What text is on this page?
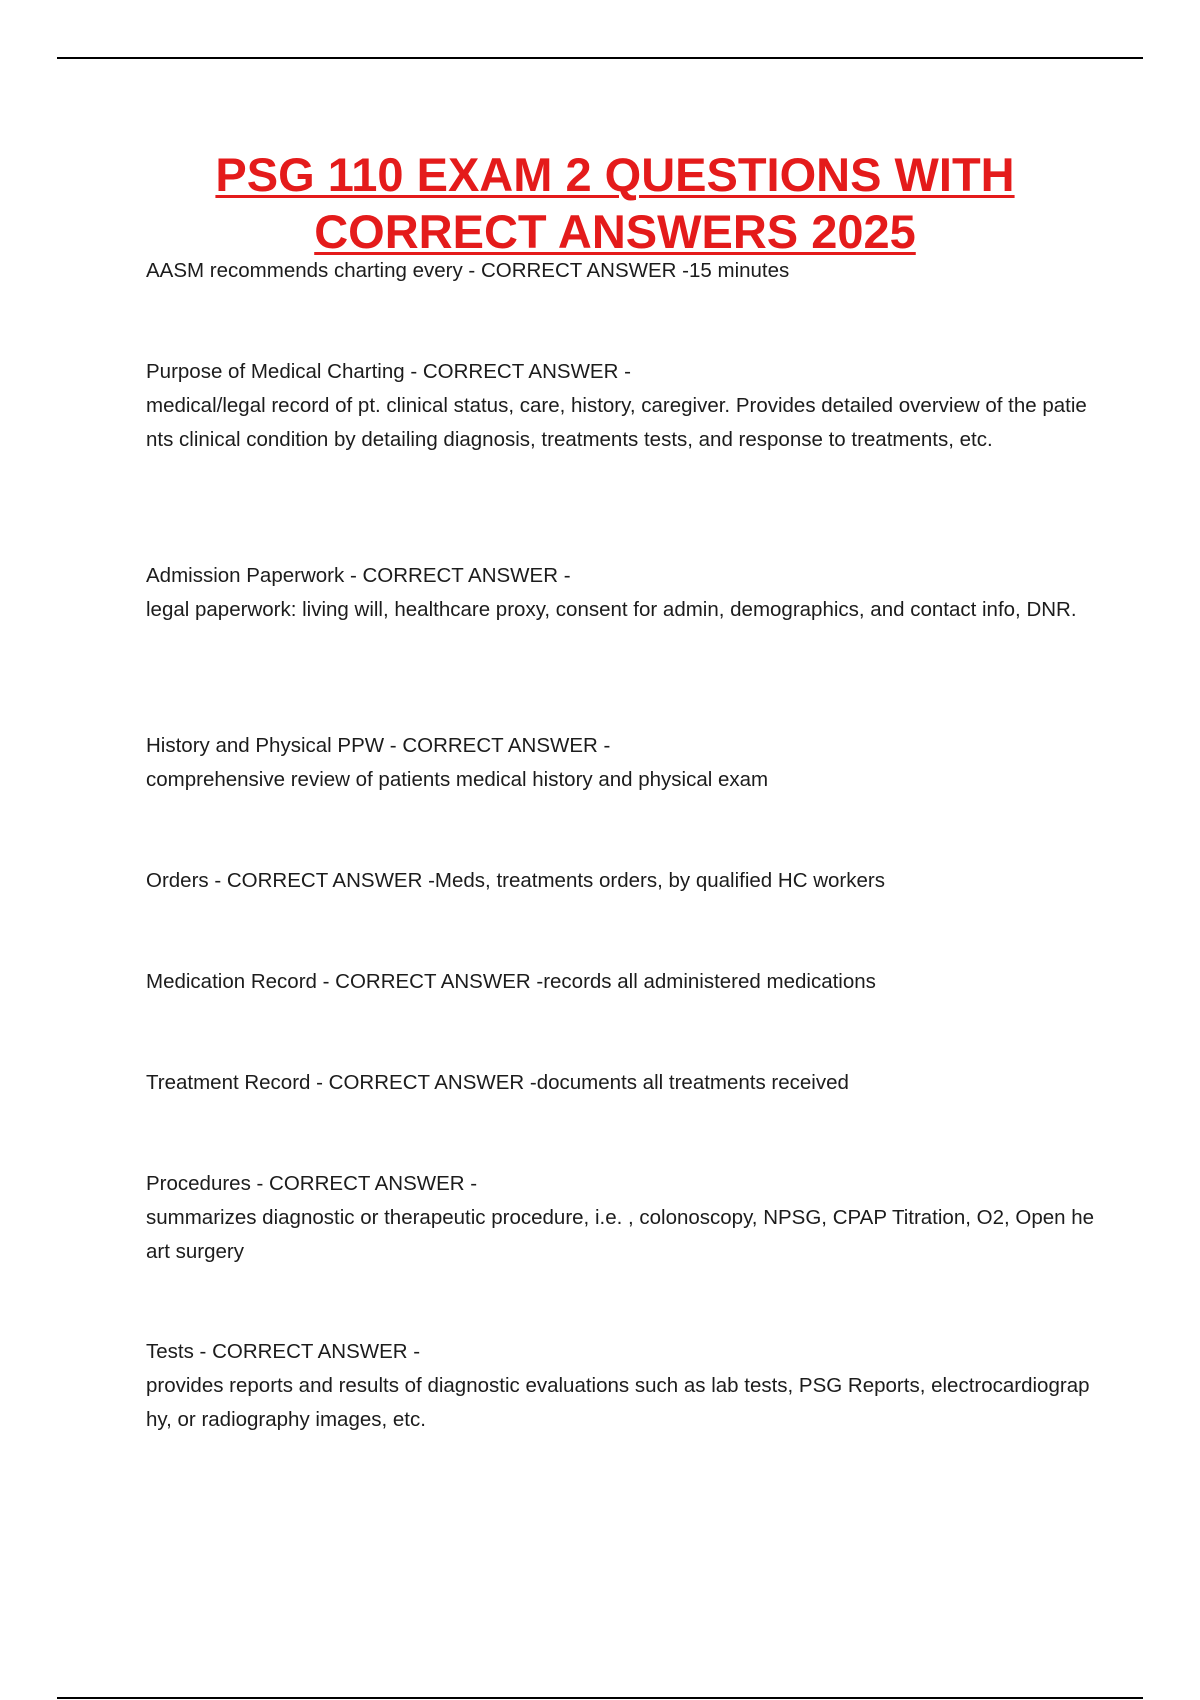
PSG 110 EXAM 2 QUESTIONS WITH
CORRECT ANSWERS 2025
AASM recommends charting every - CORRECT ANSWER -15 minutes
Purpose of Medical Charting - CORRECT ANSWER -
medical/legal record of pt. clinical status, care, history, caregiver. Provides detailed overview of the patients clinical condition by detailing diagnosis, treatments tests, and response to treatments, etc.
Admission Paperwork - CORRECT ANSWER -
legal paperwork: living will, healthcare proxy, consent for admin, demographics, and contact info, DNR.
History and Physical PPW - CORRECT ANSWER -
comprehensive review of patients medical history and physical exam
Orders - CORRECT ANSWER -Meds, treatments orders, by qualified HC workers
Medication Record - CORRECT ANSWER -records all administered medications
Treatment Record - CORRECT ANSWER -documents all treatments received
Procedures - CORRECT ANSWER -
summarizes diagnostic or therapeutic procedure, i.e. , colonoscopy, NPSG, CPAP Titration, O2, Open heart surgery
Tests - CORRECT ANSWER -
provides reports and results of diagnostic evaluations such as lab tests, PSG Reports, electrocardiography, or radiography images, etc.
